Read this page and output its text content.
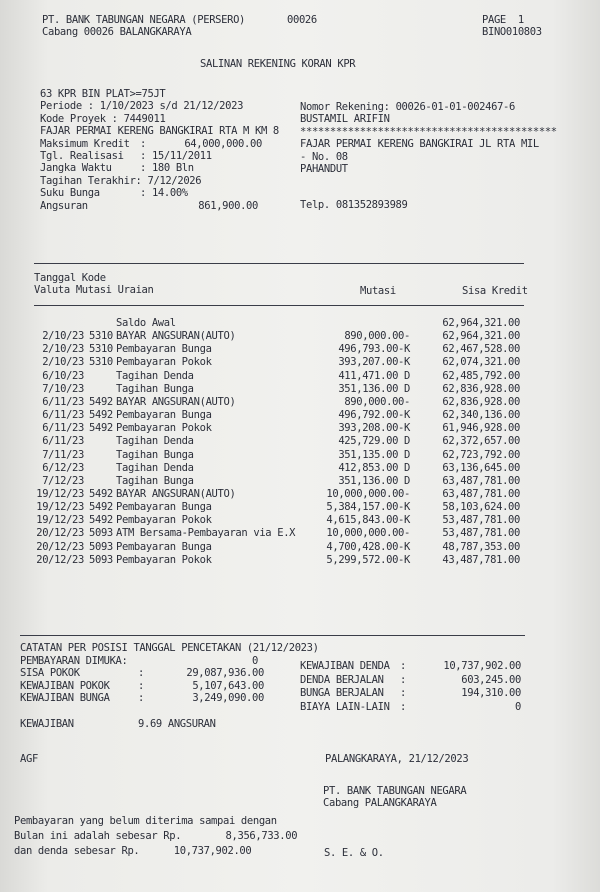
PT. BANK TABUNGAN NEGARA (PERSERO)
Cabang 00026 BALANGKARAYA
00026	PAGE 1
BINO010803
SALINAN REKENING KORAN KPR
63 KPR BIN PLAT>=75JT
Periode : 1/10/2023 s/d 21/12/2023
Kode Proyek : 7449011
FAJAR PERMAI KERENG BANGKIRAI RTA M KM 8
Maksimum Kredit :	64,000,000.00
Tgl. Realisasi : 15/11/2011
Jangka Waktu	: 180 Bln
Tagihan Terakhir: 7/12/2026
Suku Bunga	: 14.00%
Angsuran	861,900.00
Nomor Rekening: 00026-01-01-002467-6
BUSTAMIL ARIFIN
*******************************************
FAJAR PERMAI KERENG BANGKIRAI JL RTA MIL
- No. 08
PAHANDUT
Telp. 081352893989
Tanggal Kode
Valuta Mutasi Uraian	Mutasi	Sisa Kredit
Saldo Awal	62,964,321.00
2/10/23 5310 BAYAR ANGSURAN(AUTO)	890,000.00-	62,964,321.00
2/10/23 5310 Pembayaran Bunga	496,793.00-K	62,467,528.00
2/10/23 5310 Pembayaran Pokok	393,207.00-K	62,074,321.00
6/10/23	Tagihan Denda	411,471.00 D	62,485,792.00
7/10/23	Tagihan Bunga	351,136.00 D	62,836,928.00
6/11/23 5492 BAYAR ANGSURAN(AUTO)	890,000.00-	62,836,928.00
6/11/23 5492 Pembayaran Bunga	496,792.00-K	62,340,136.00
6/11/23 5492 Pembayaran Pokok	393,208.00-K	61,946,928.00
6/11/23	Tagihan Denda	425,729.00 D	62,372,657.00
7/11/23	Tagihan Bunga	351,135.00 D	62,723,792.00
6/12/23	Tagihan Denda	412,853.00 D	63,136,645.00
7/12/23	Tagihan Bunga	351,136.00 D	63,487,781.00
19/12/23 5492 BAYAR ANGSURAN(AUTO)	10,000,000.00-	63,487,781.00
19/12/23 5492 Pembayaran Bunga	5,384,157.00-K	58,103,624.00
19/12/23 5492 Pembayaran Pokok	4,615,843.00-K	53,487,781.00
20/12/23 5093 ATM Bersama-Pembayaran via E.X	10,000,000.00-	53,487,781.00
20/12/23 5093 Pembayaran Bunga	4,700,428.00-K	48,787,353.00
20/12/23 5093 Pembayaran Pokok	5,299,572.00-K	43,487,781.00
CATATAN PER POSISI TANGGAL PENCETAKAN (21/12/2023)
PEMBAYARAN DIMUKA:	0
SISA POKOK	:	29,087,936.00
KEWAJIBAN POKOK	:	5,107,643.00
KEWAJIBAN BUNGA	:	3,249,090.00
KEWAJIBAN DENDA :	10,737,902.00
DENDA BERJALAN :	603,245.00
BUNGA BERJALAN :	194,310.00
BIAYA LAIN-LAIN :	0
KEWAJIBAN	9.69 ANGSURAN
AGF	PALANGKARAYA, 21/12/2023
PT. BANK TABUNGAN NEGARA
Cabang PALANGKARAYA
Pembayaran yang belum diterima sampai dengan
Bulan ini adalah sebesar Rp.	8,356,733.00
dan denda sebesar Rp.	10,737,902.00	S. E. & O.
